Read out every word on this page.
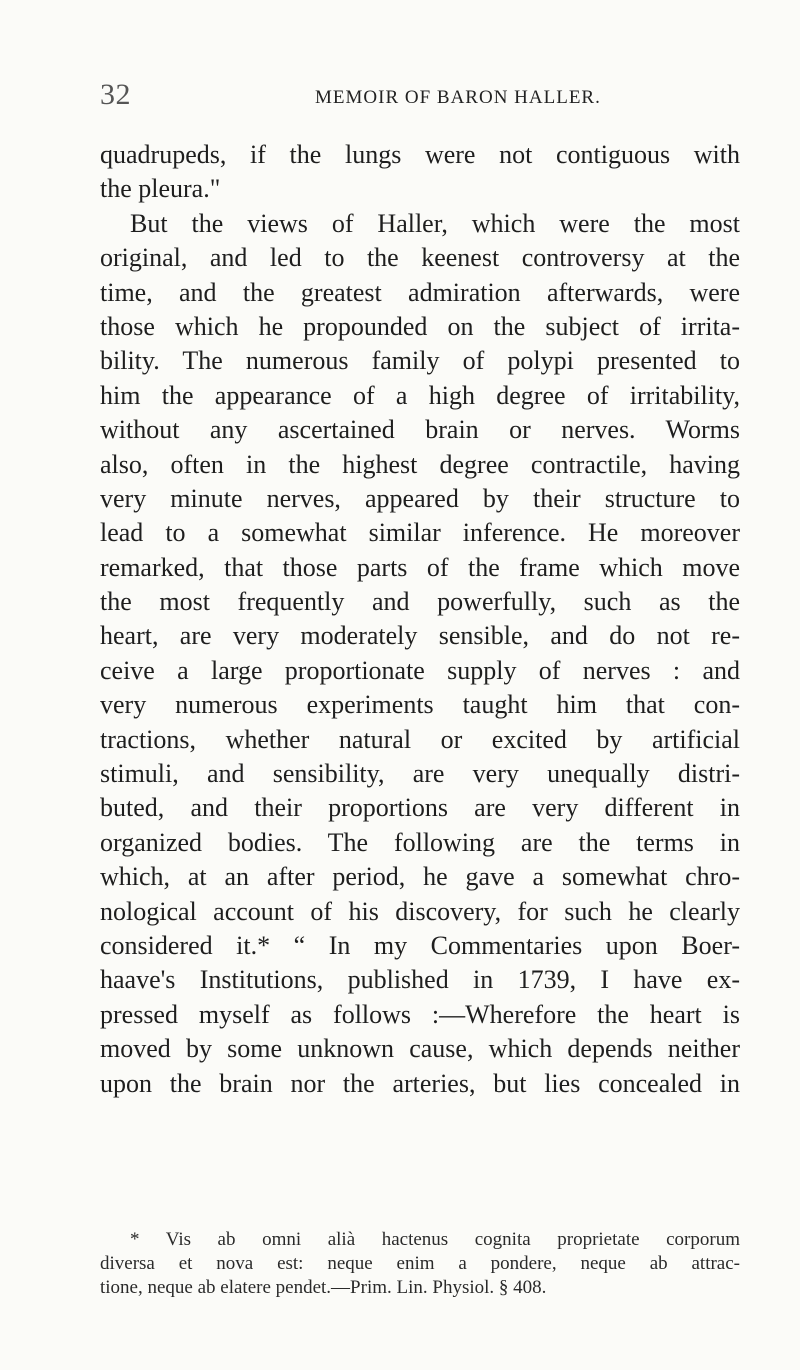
32	MEMOIR OF BARON HALLER.
quadrupeds, if the lungs were not contiguous with
the pleura."
But the views of Haller, which were the most
original, and led to the keenest controversy at the
time, and the greatest admiration afterwards, were
those which he propounded on the subject of irrita-
bility. The numerous family of polypi presented to
him the appearance of a high degree of irritability,
without any ascertained brain or nerves. Worms
also, often in the highest degree contractile, having
very minute nerves, appeared by their structure to
lead to a somewhat similar inference. He moreover
remarked, that those parts of the frame which move
the most frequently and powerfully, such as the
heart, are very moderately sensible, and do not re-
ceive a large proportionate supply of nerves : and
very numerous experiments taught him that con-
tractions, whether natural or excited by artificial
stimuli, and sensibility, are very unequally distri-
buted, and their proportions are very different in
organized bodies. The following are the terms in
which, at an after period, he gave a somewhat chro-
nological account of his discovery, for such he clearly
considered it.* “ In my Commentaries upon Boer-
haave's Institutions, published in 1739, I have ex-
pressed myself as follows :—Wherefore the heart is
moved by some unknown cause, which depends neither
upon the brain nor the arteries, but lies concealed in
* Vis ab omni alià hactenus cognita proprietate corporum
diversa et nova est: neque enim a pondere, neque ab attrac-
tione, neque ab elatere pendet.—Prim. Lin. Physiol. § 408.
